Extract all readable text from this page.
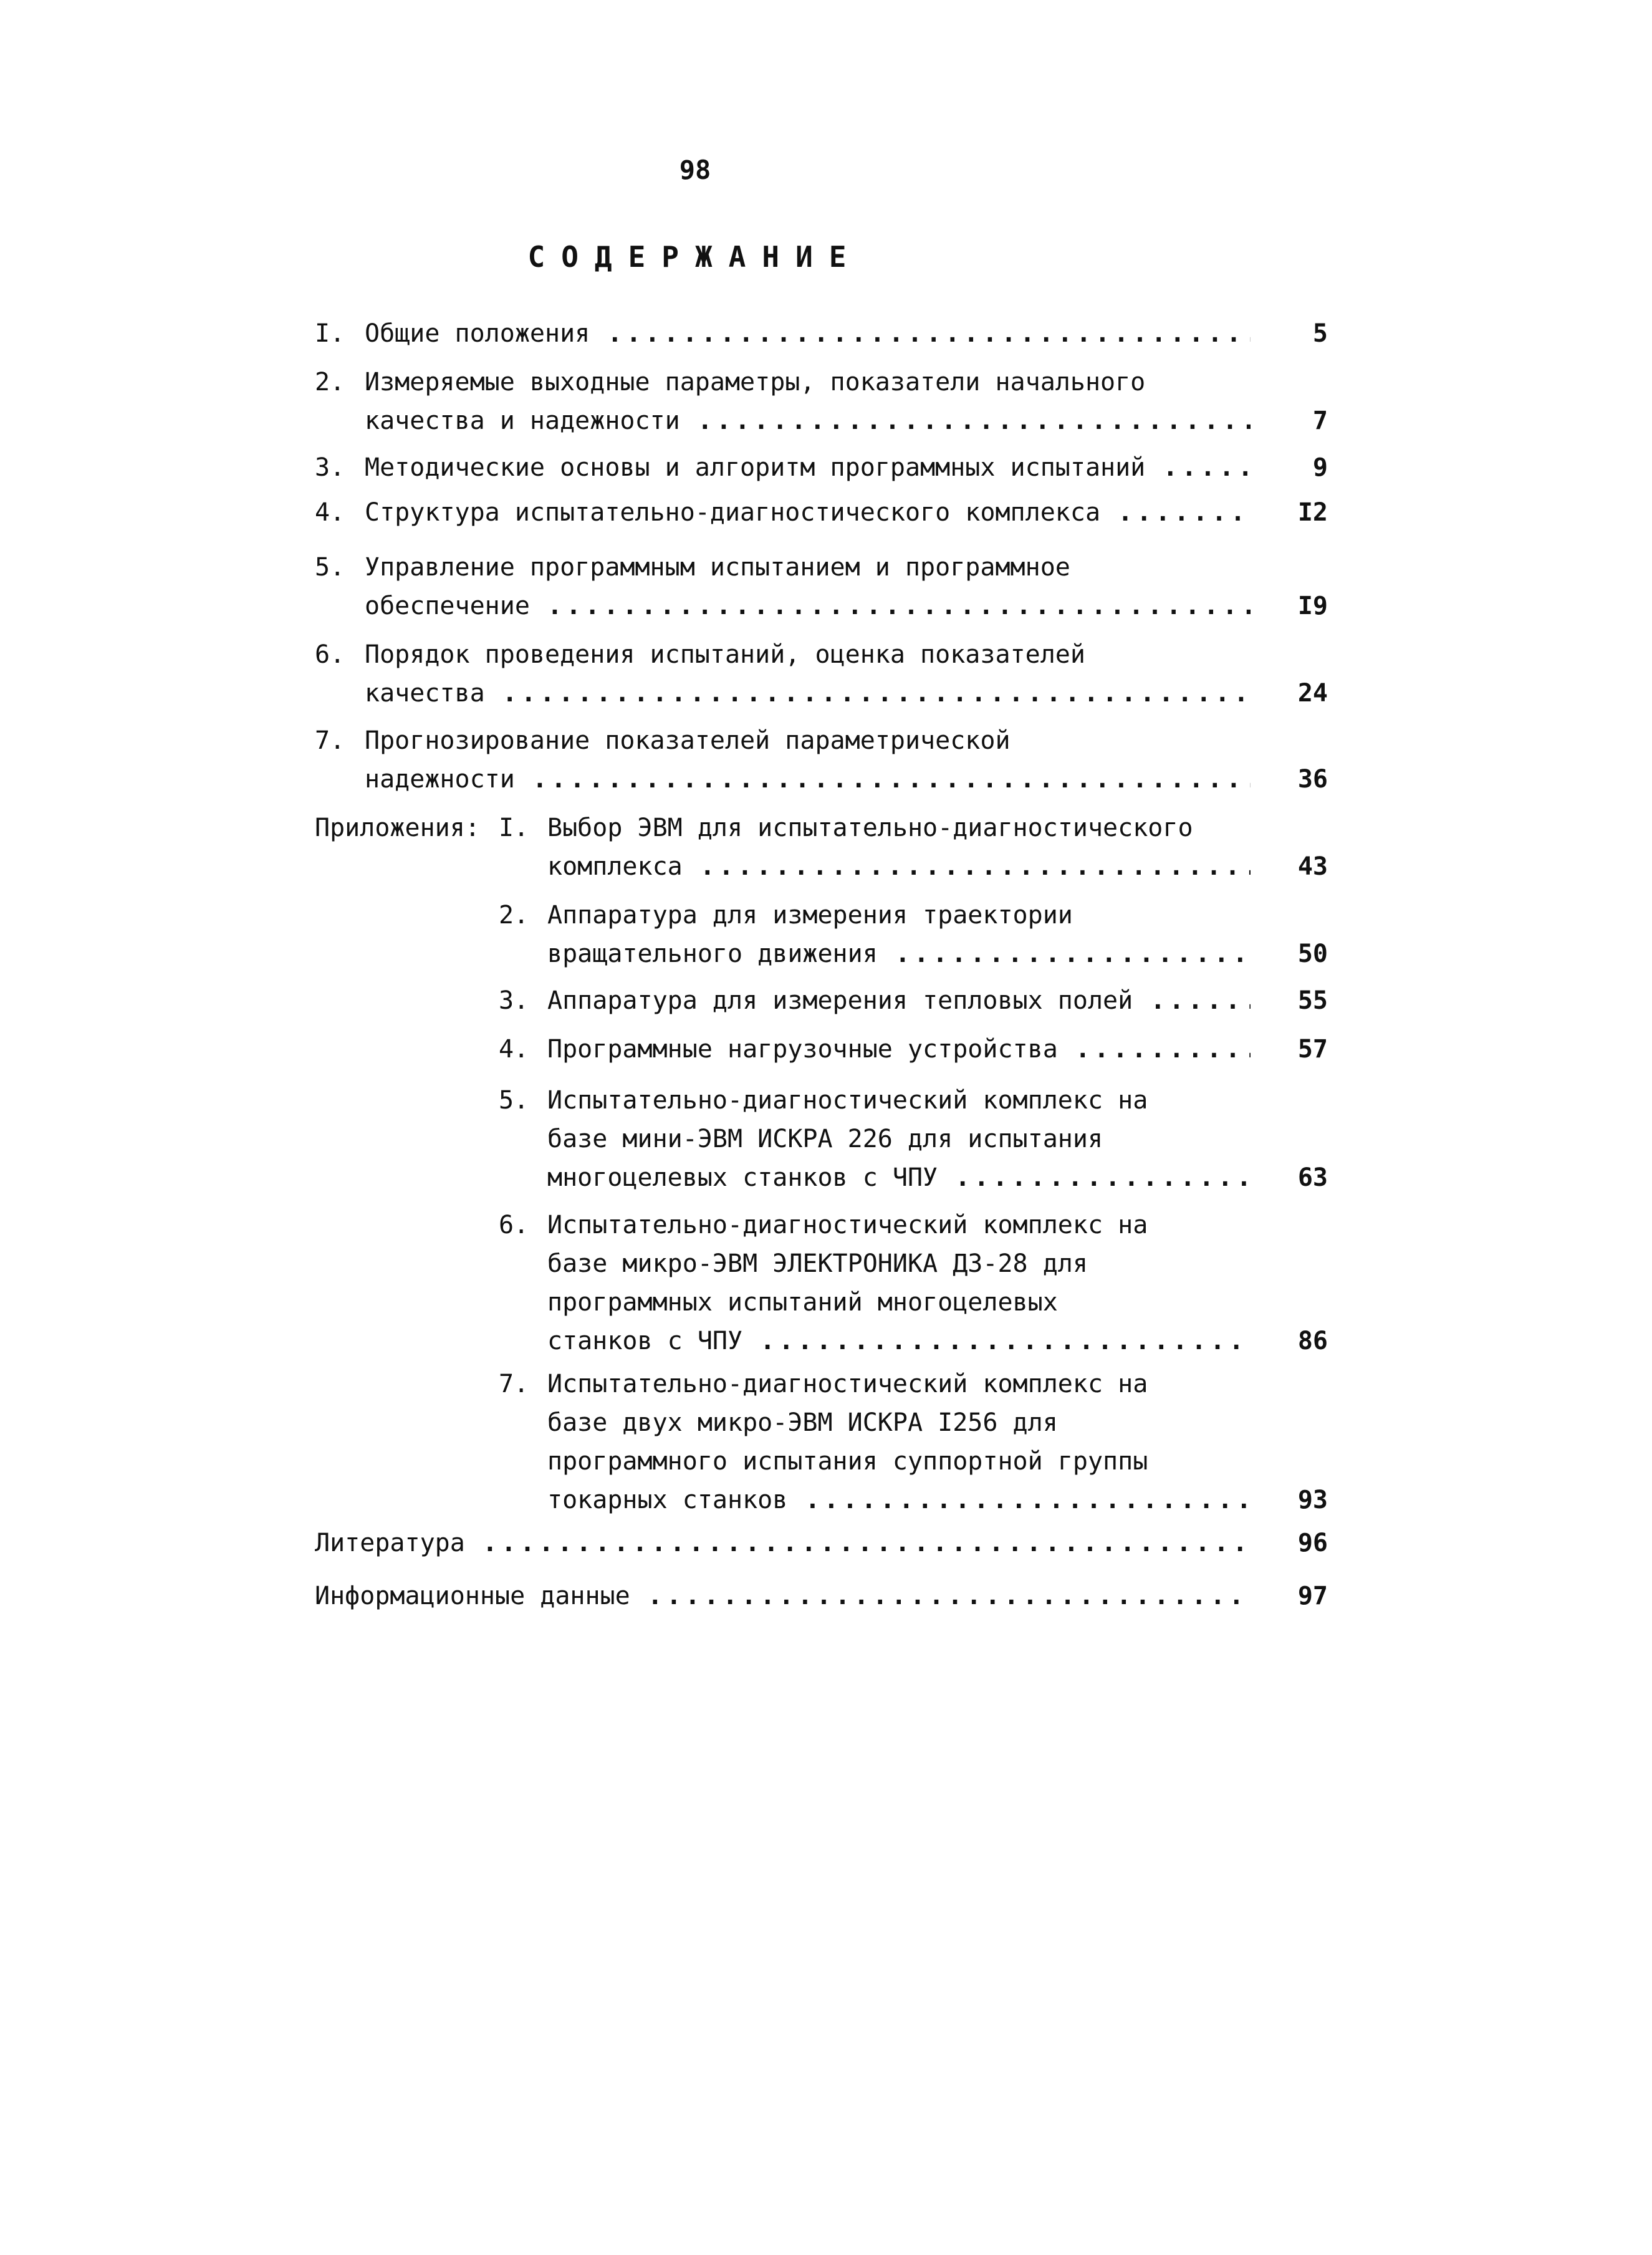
98
СОДЕРЖАНИЕ
I. Общие положения .....	5
2. Измеряемые выходные параметры, показатели начального
качества и надежности .....	7
3. Методические основы и алгоритм программных испытаний .....	9
4. Структура испытательно-диагностического комплекса .....	I2
5. Управление программным испытанием и программное
обеспечение .....	I9
6. Порядок проведения испытаний, оценка показателей
качества .....	24
7. Прогнозирование показателей параметрической
надежности .....	36
Приложения: I. Выбор ЭВМ для испытательно-диагностического
комплекса .....	43
2. Аппаратура для измерения траектории
вращательного движения .....	50
3. Аппаратура для измерения тепловых полей .....	55
4. Программные нагрузочные устройства .....	57
5. Испытательно-диагностический комплекс на
базе мини-ЭВМ ИСКРА 226 для испытания
многоцелевых станков с ЧПУ .....	63
6. Испытательно-диагностический комплекс на
базе микро-ЭВМ ЭЛЕКТРОНИКА ДЗ-28 для
программных испытаний многоцелевых
станков с ЧПУ .....	86
7. Испытательно-диагностический комплекс на
базе двух микро-ЭВМ ИСКРА I256 для
программного испытания суппортной группы
токарных станков .....	93
Литература .....	96
Информационные данные .....	97
